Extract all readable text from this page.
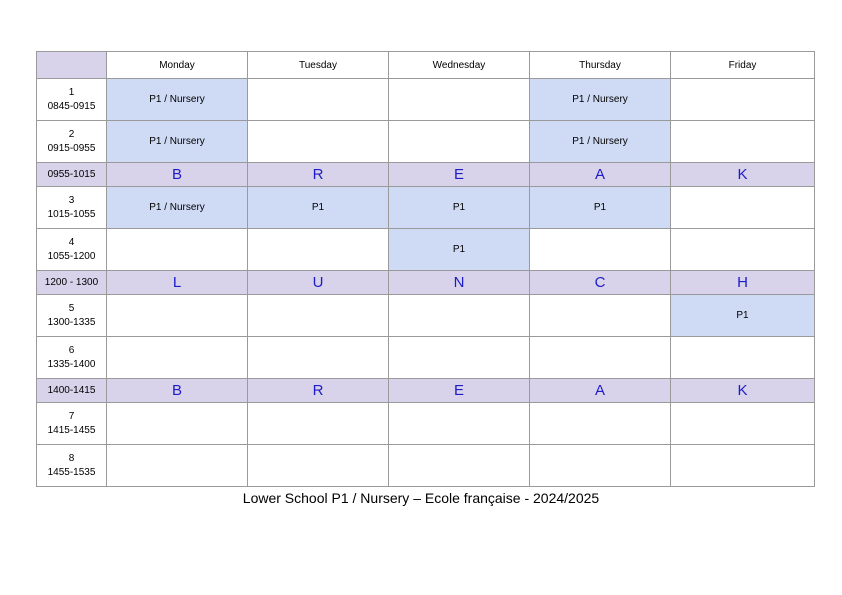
	Monday	Tuesday	Wednesday	Thursday	Friday

1
0845-0915	P1 / Nursery			P1 / Nursery	

2
0915-0955	P1 / Nursery			P1 / Nursery	
0955-1015	B	R	E	A	K

3
1015-1055	P1 / Nursery	P1	P1	P1	

4
1055-1200			P1		
1200 - 1300	L	U	N	C	H

5
1300-1335					P1

6
1335-1400					

1400-1415	B	R	E	A	K

7
1415-1455					

8
1455-1535					

Lower School P1 / Nursery – Ecole française - 2024/2025
